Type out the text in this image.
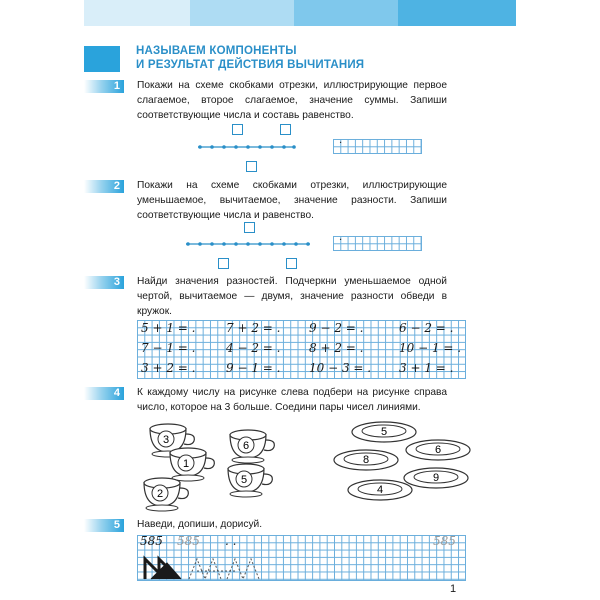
НАЗЫВАЕМ КОМПОНЕНТЫ
И РЕЗУЛЬТАТ ДЕЙСТВИЯ ВЫЧИТАНИЯ
1	Покажи на схеме скобками отрезки, иллюстрирующие первое слагаемое, второе слагаемое, значение суммы. Запиши соответствующие числа и составь равенство.
.
2	Покажи на схеме скобками отрезки, иллюстрирующие уменьшаемое, вычитаемое, значение разности. Запиши соответствующие числа и равенство.
.
3	Найди значения разностей. Подчеркни уменьшаемое одной чертой, вычитаемое — двумя, значение разности обведи в кружок.
5 + 1 = .	7 + 2 = . 9 − 2 = .	6 − 2 = .
7 − 1 = .	4 − 2 = . 8 + 2 = .	10 − 1 = .
3 + 2 = .	9 − 1 = . 10 − 3 = . 3 + 1 = .
4	К каждому числу на рисунке слева подбери на рисунке справа число, которое на 3 больше. Соедини пары чисел линиями.
3
1
6
5
2
5
6
8
9
4
5	Наведи, допиши, дорисуй.
585 585 . .	585
1
